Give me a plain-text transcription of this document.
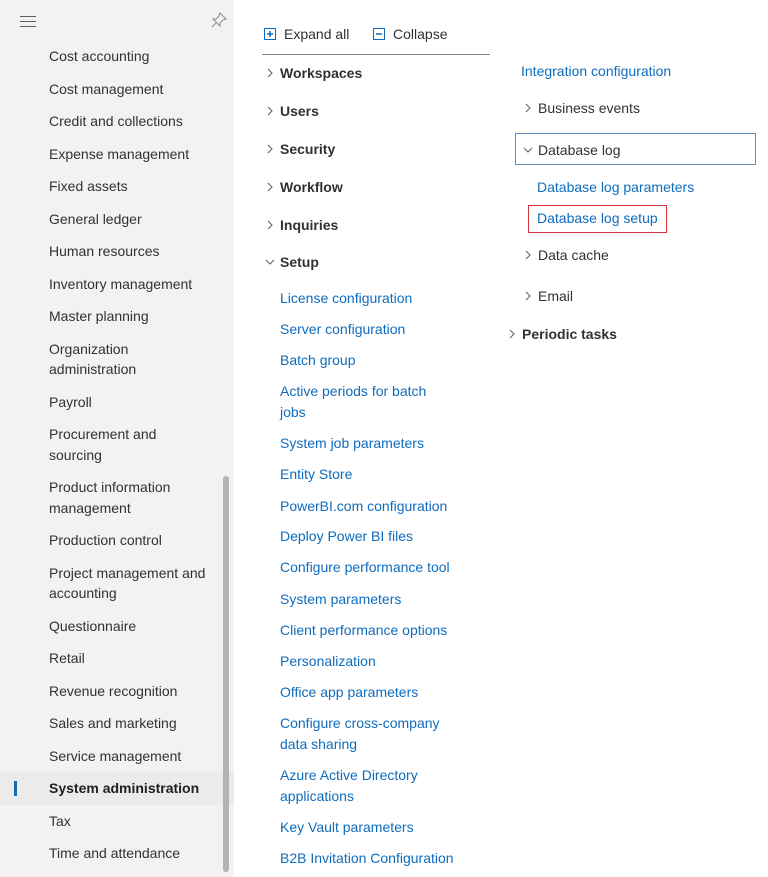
Cost accounting
Cost management
Credit and collections
Expense management
Fixed assets
General ledger
Human resources
Inventory management
Master planning
Organization administration
Payroll
Procurement and sourcing
Product information management
Production control
Project management and accounting
Questionnaire
Retail
Revenue recognition
Sales and marketing
Service management
System administration
Tax
Time and attendance
Expand all	Collapse
Workspaces
Users
Security
Workflow
Inquiries
Setup
License configuration
Server configuration
Batch group
Active periods for batch jobs
System job parameters
Entity Store
PowerBI.com configuration
Deploy Power BI files
Configure performance tool
System parameters
Client performance options
Personalization
Office app parameters
Configure cross-company data sharing
Azure Active Directory applications
Key Vault parameters
B2B Invitation Configuration
Integration configuration
Business events
Database log
Database log parameters
Database log setup
Data cache
Email
Periodic tasks
